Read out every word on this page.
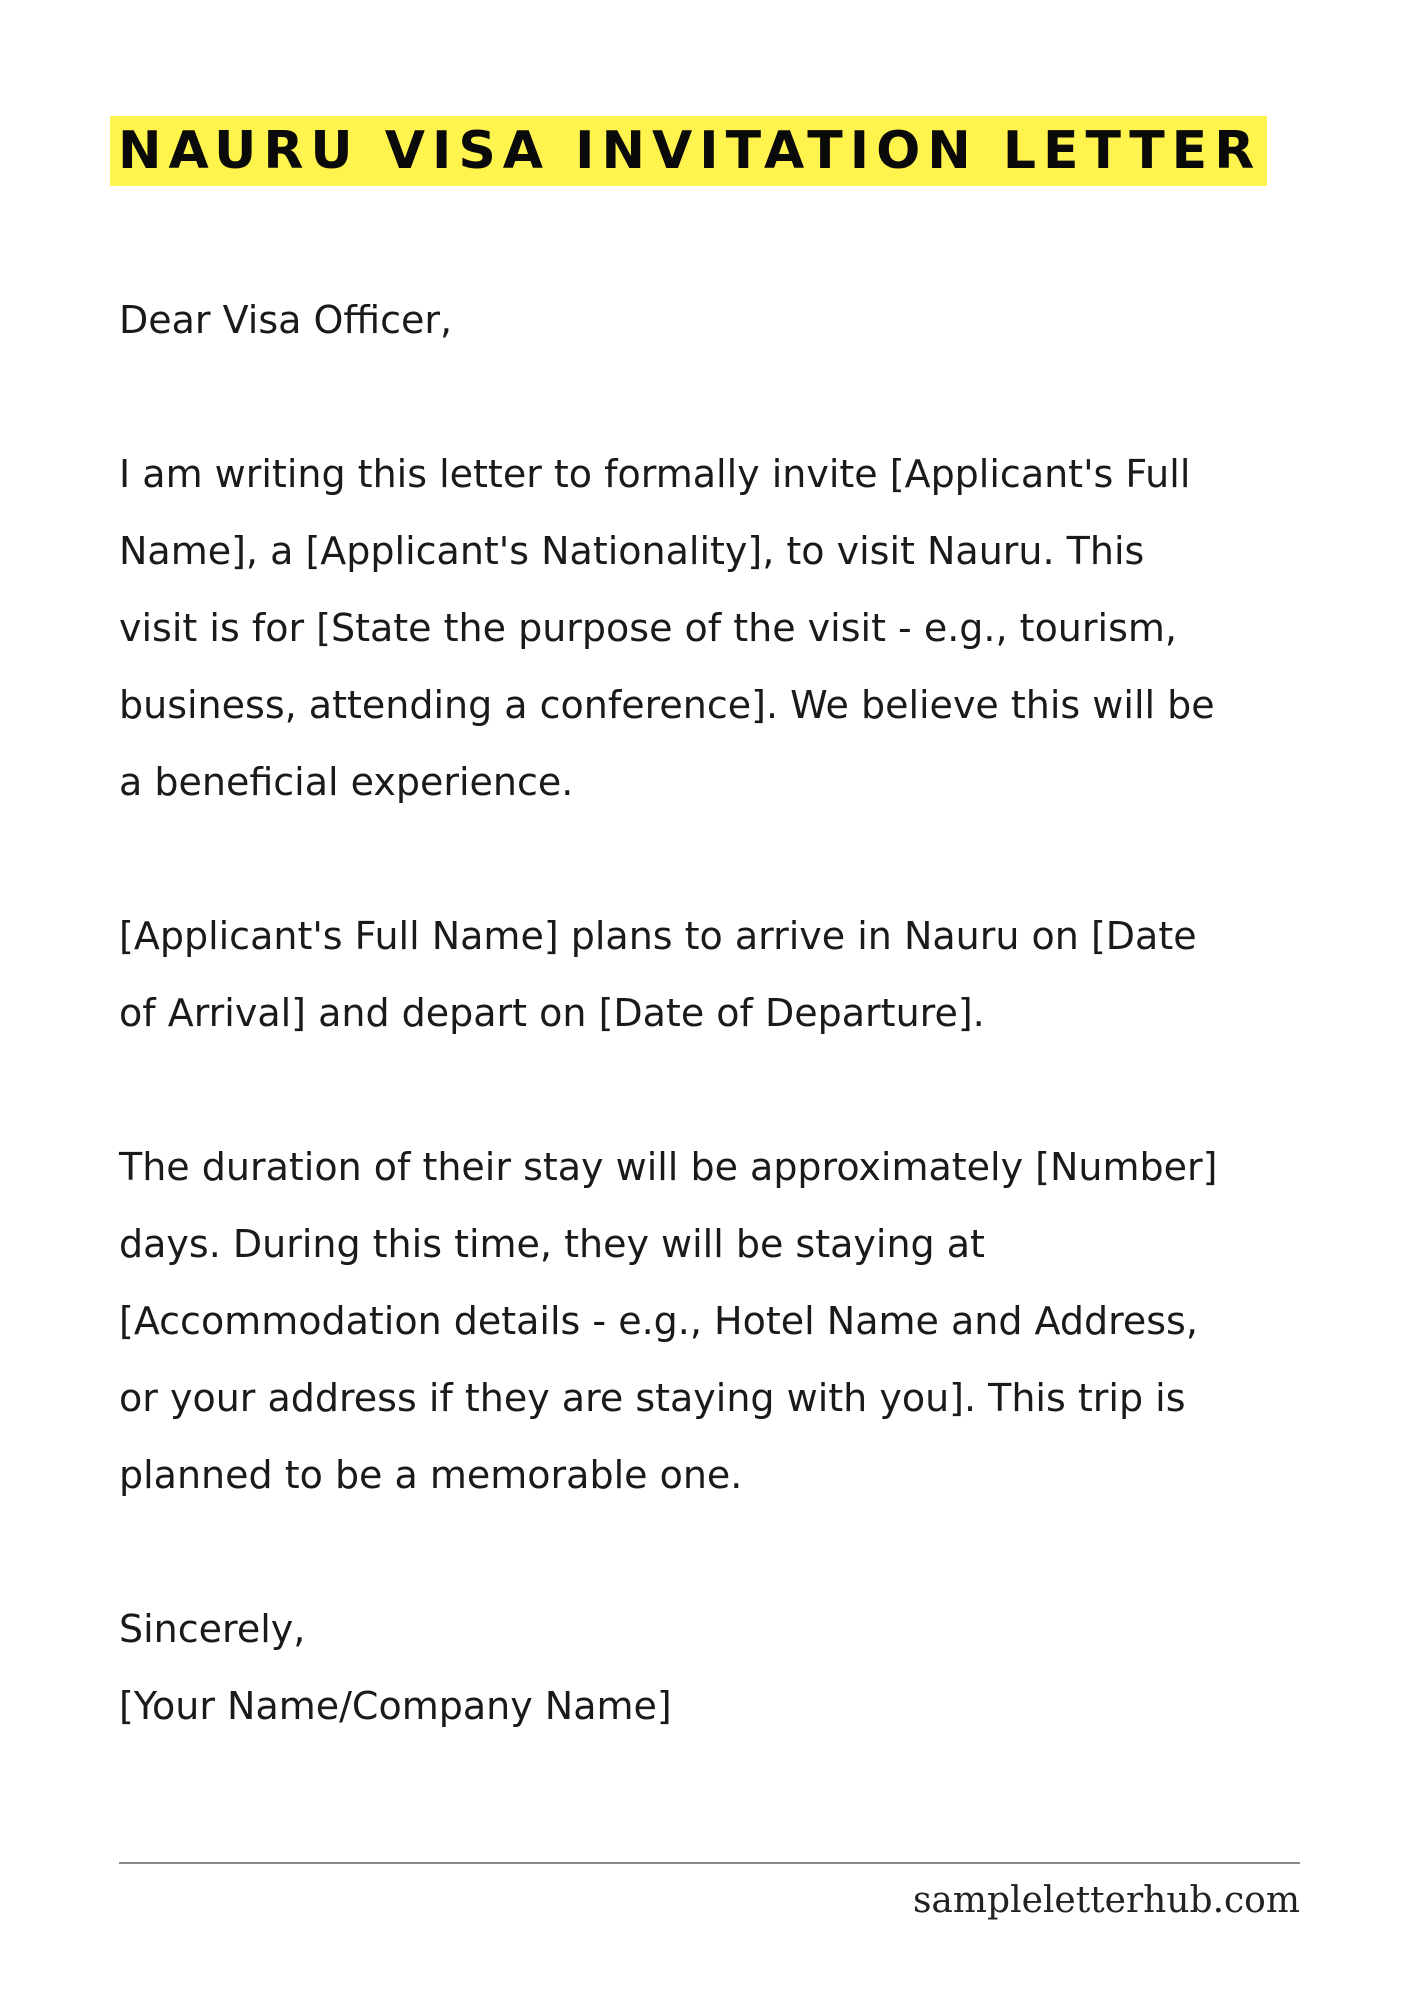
NAURU VISA INVITATION LETTER
Dear Visa Officer,
I am writing this letter to formally invite [Applicant's Full
Name], a [Applicant's Nationality], to visit Nauru. This
visit is for [State the purpose of the visit - e.g., tourism,
business, attending a conference]. We believe this will be
a beneficial experience.
[Applicant's Full Name] plans to arrive in Nauru on [Date
of Arrival] and depart on [Date of Departure].
The duration of their stay will be approximately [Number]
days. During this time, they will be staying at
[Accommodation details - e.g., Hotel Name and Address,
or your address if they are staying with you]. This trip is
planned to be a memorable one.
Sincerely,
[Your Name/Company Name]
sampleletterhub.com
